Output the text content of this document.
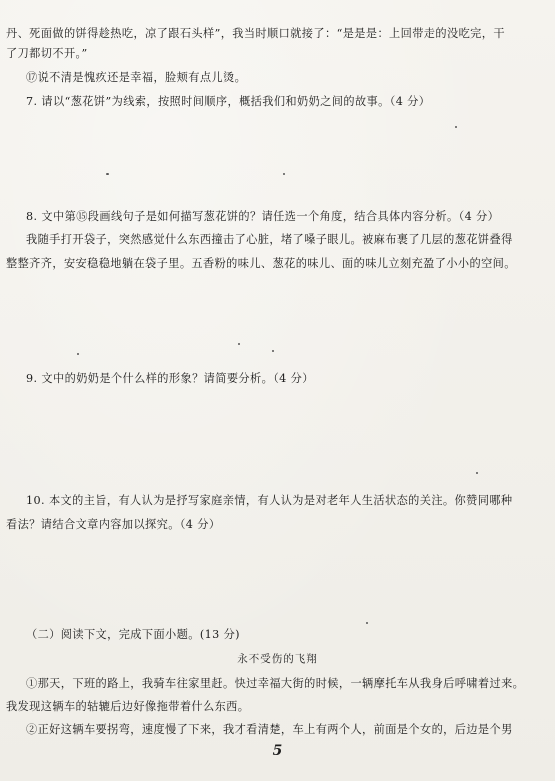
丹、死面做的饼得趁热吃，凉了跟石头样”，我当时顺口就接了：“是是是：上回带走的没吃完，干
了刀都切不开。”
⑰说不清是愧疚还是幸福，脸颊有点儿烫。
7. 请以“葱花饼”为线索，按照时间顺序，概括我们和奶奶之间的故事。（4 分）
8. 文中第⑮段画线句子是如何描写葱花饼的？请任选一个角度，结合具体内容分析。（4 分）
我随手打开袋子，突然感觉什么东西撞击了心脏，堵了嗓子眼儿。被麻布裹了几层的葱花饼叠得
整整齐齐，安安稳稳地躺在袋子里。五香粉的味儿、葱花的味儿、面的味儿立刻充盈了小小的空间。
9. 文中的奶奶是个什么样的形象？请简要分析。（4 分）
10. 本文的主旨，有人认为是抒写家庭亲情，有人认为是对老年人生活状态的关注。你赞同哪种
看法？请结合文章内容加以探究。（4 分）
（二）阅读下文，完成下面小题。(13 分)
永不受伤的飞翔
①那天，下班的路上，我骑车往家里赶。快过幸福大街的时候，一辆摩托车从我身后呼啸着过来。
我发现这辆车的轱辘后边好像拖带着什么东西。
②正好这辆车要拐弯，速度慢了下来，我才看清楚，车上有两个人，前面是个女的，后边是个男
5
